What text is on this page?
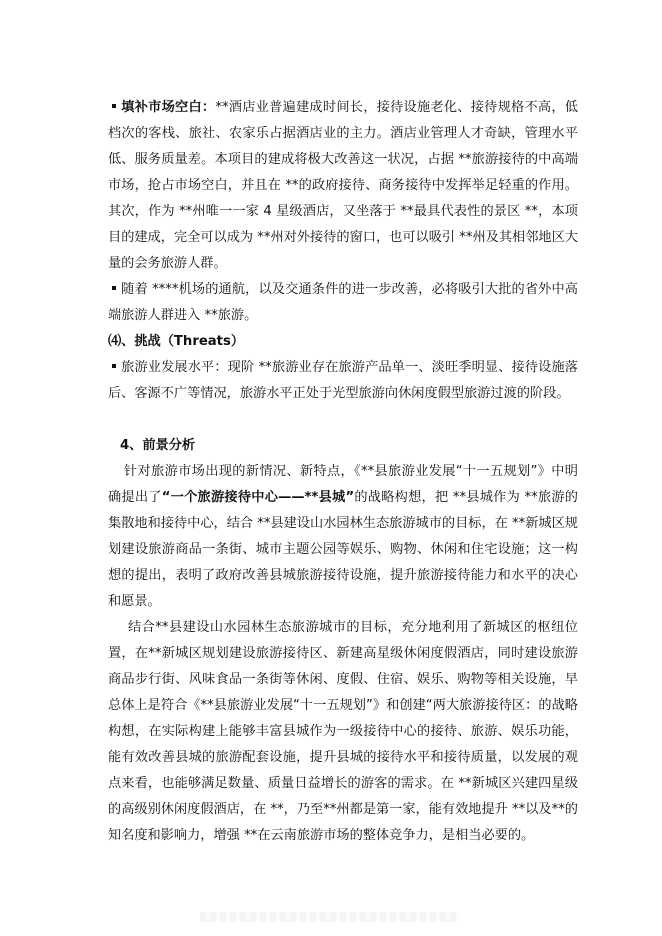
填补市场空白：**酒店业普遍建成时间长，接待设施老化、接待规格不高，低档次的客栈、旅社、农家乐占据酒店业的主力。酒店业管理人才奇缺，管理水平低、服务质量差。本项目的建成将极大改善这一状况，占据 **旅游接待的中高端市场，抢占市场空白，并且在 **的政府接待、商务接待中发挥举足轻重的作用。其次，作为 **州唯一一家 4 星级酒店，又坐落于 **最具代表性的景区 **，本项目的建成，完全可以成为 **州对外接待的窗口，也可以吸引 **州及其相邻地区大量的会务旅游人群。

随着 ****机场的通航，以及交通条件的进一步改善，必将吸引大批的省外中高端旅游人群进入 **旅游。

⑷、挑战（Threats）

旅游业发展水平：现阶 **旅游业存在旅游产品单一、淡旺季明显、接待设施落后、客源不广等情况，旅游水平正处于光型旅游向休闲度假型旅游过渡的阶段。

4、前景分析

针对旅游市场出现的新情况、新特点，《**县旅游业发展“十一五规划”》中明确提出了“一个旅游接待中心——**县城”的战略构想，把 **县城作为 **旅游的集散地和接待中心，结合 **县建设山水园林生态旅游城市的目标，在 **新城区规划建设旅游商品一条街、城市主题公园等娱乐、购物、休闲和住宅设施；这一构想的提出，表明了政府改善县城旅游接待设施，提升旅游接待能力和水平的决心和愿景。

结合**县建设山水园林生态旅游城市的目标，充分地利用了新城区的枢纽位置，在**新城区规划建设旅游接待区、新建高星级休闲度假酒店，同时建设旅游商品步行街、风味食品一条街等休闲、度假、住宿、娱乐、购物等相关设施，早总体上是符合《**县旅游业发展“十一五规划”》和创建“两大旅游接待区：的战略构想，在实际构建上能够丰富县城作为一级接待中心的接待、旅游、娱乐功能，能有效改善县城的旅游配套设施，提升县城的接待水平和接待质量，以发展的观点来看，也能够满足数量、质量日益增长的游客的需求。在 **新城区兴建四星级的高级别休闲度假酒店，在 **，乃至**州都是第一家，能有效地提升 **以及**的知名度和影响力，增强 **在云南旅游市场的整体竞争力，是相当必要的。
